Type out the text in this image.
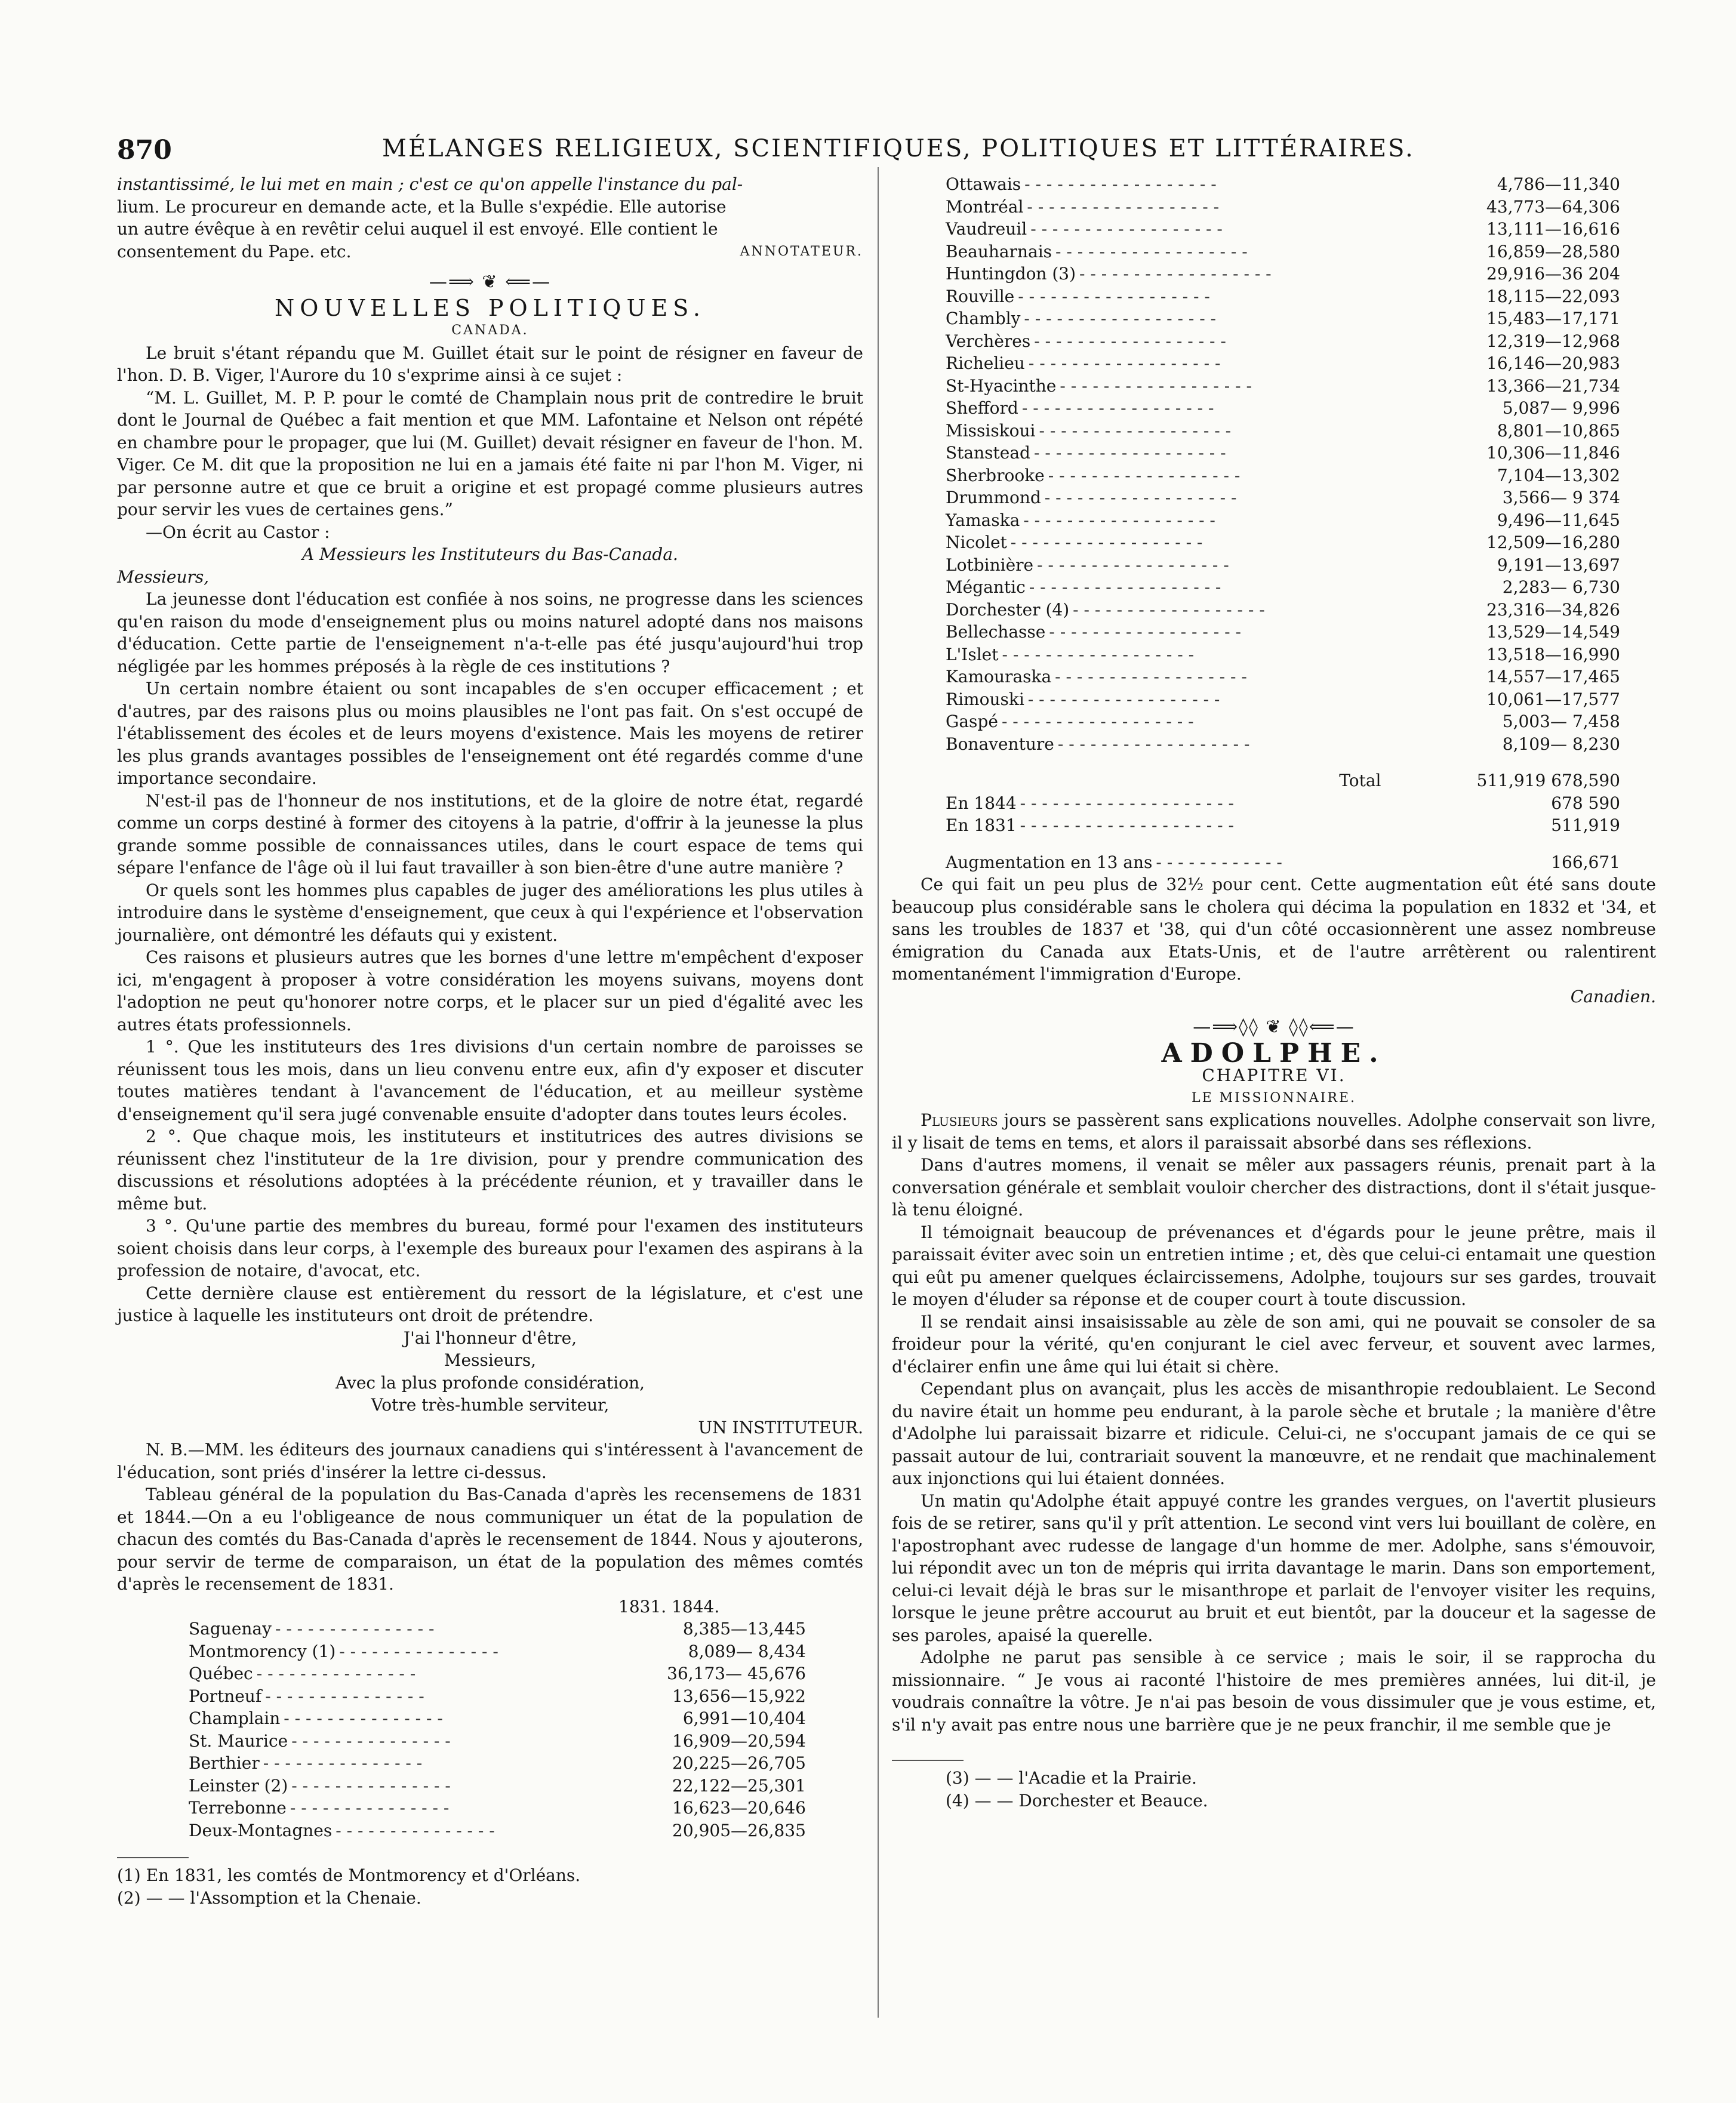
870	MÉLANGES RELIGIEUX, SCIENTIFIQUES, POLITIQUES ET LITTÉRAIRES.

instantissimé, le lui met en main ; c'est ce qu'on appelle l'instance du pal-

lium. Le procureur en demande acte, et la Bulle s'expédie. Elle autorise

un autre évêque à en revêtir celui auquel il est envoyé. Elle contient le

consentement du Pape. etc.	ANNOTATEUR.
—⟹ ❦ ⟸—
NOUVELLES POLITIQUES.
CANADA.

Le bruit s'étant répandu que M. Guillet était sur le point de résigner en faveur de l'hon. D. B. Viger, l'Aurore du 10 s'exprime ainsi à ce sujet :

“M. L. Guillet, M. P. P. pour le comté de Champlain nous prit de contredire le bruit dont le Journal de Québec a fait mention et que MM. Lafontaine et Nelson ont répété en chambre pour le propager, que lui (M. Guillet) devait résigner en faveur de l'hon. M. Viger. Ce M. dit que la proposition ne lui en a jamais été faite ni par l'hon M. Viger, ni par personne autre et que ce bruit a origine et est propagé comme plusieurs autres pour servir les vues de certaines gens.”

—On écrit au Castor :

A Messieurs les Instituteurs du Bas-Canada.

Messieurs,

La jeunesse dont l'éducation est confiée à nos soins, ne progresse dans les sciences qu'en raison du mode d'enseignement plus ou moins naturel adopté dans nos maisons d'éducation. Cette partie de l'enseignement n'a-t-elle pas été jusqu'aujourd'hui trop négligée par les hommes préposés à la règle de ces institutions ?

Un certain nombre étaient ou sont incapables de s'en occuper efficacement ; et d'autres, par des raisons plus ou moins plausibles ne l'ont pas fait. On s'est occupé de l'établissement des écoles et de leurs moyens d'existence. Mais les moyens de retirer les plus grands avantages possibles de l'enseignement ont été regardés comme d'une importance secondaire.

N'est-il pas de l'honneur de nos institutions, et de la gloire de notre état, regardé comme un corps destiné à former des citoyens à la patrie, d'offrir à la jeunesse la plus grande somme possible de connaissances utiles, dans le court espace de tems qui sépare l'enfance de l'âge où il lui faut travailler à son bien-être d'une autre manière ?

Or quels sont les hommes plus capables de juger des améliorations les plus utiles à introduire dans le système d'enseignement, que ceux à qui l'expérience et l'observation journalière, ont démontré les défauts qui y existent.

Ces raisons et plusieurs autres que les bornes d'une lettre m'empêchent d'exposer ici, m'engagent à proposer à votre considération les moyens suivans, moyens dont l'adoption ne peut qu'honorer notre corps, et le placer sur un pied d'égalité avec les autres états professionnels.

1 °. Que les instituteurs des 1res divisions d'un certain nombre de paroisses se réunissent tous les mois, dans un lieu convenu entre eux, afin d'y exposer et discuter toutes matières tendant à l'avancement de l'éducation, et au meilleur système d'enseignement qu'il sera jugé convenable ensuite d'adopter dans toutes leurs écoles.

2 °. Que chaque mois, les instituteurs et institutrices des autres divisions se réunissent chez l'instituteur de la 1re division, pour y prendre communication des discussions et résolutions adoptées à la précédente réunion, et y travailler dans le même but.

3 °. Qu'une partie des membres du bureau, formé pour l'examen des instituteurs soient choisis dans leur corps, à l'exemple des bureaux pour l'examen des aspirans à la profession de notaire, d'avocat, etc.

Cette dernière clause est entièrement du ressort de la législature, et c'est une justice à laquelle les instituteurs ont droit de prétendre.

J'ai l'honneur d'être,
Messieurs,
Avec la plus profonde considération,
Votre très-humble serviteur,
UN INSTITUTEUR.

N. B.—MM. les éditeurs des journaux canadiens qui s'intéressent à l'avancement de l'éducation, sont priés d'insérer la lettre ci-dessus.

Tableau général de la population du Bas-Canada d'après les recensemens de 1831 et 1844.—On a eu l'obligeance de nous communiquer un état de la population de chacun des comtés du Bas-Canada d'après le recensement de 1844. Nous y ajouterons, pour servir de terme de comparaison, un état de la population des mêmes comtés d'après le recensement de 1831.

1831. 1844.
Saguenay - - - - - - - - - - - - - - -	8,385—13,445
Montmorency (1) - - - - - - - - - - - - - - -	8,089— 8,434
Québec - - - - - - - - - - - - - - -	36,173— 45,676
Portneuf - - - - - - - - - - - - - - -	13,656—15,922
Champlain - - - - - - - - - - - - - - -	6,991—10,404
St. Maurice - - - - - - - - - - - - - - -	16,909—20,594
Berthier - - - - - - - - - - - - - - -	20,225—26,705
Leinster (2) - - - - - - - - - - - - - - -	22,122—25,301
Terrebonne - - - - - - - - - - - - - - -	16,623—20,646
Deux-Montagnes - - - - - - - - - - - - - - -	20,905—26,835
(1) En 1831, les comtés de Montmorency et d'Orléans.
(2) — — l'Assomption et la Chenaie.
Ottawais - - - - - - - - - - - - - - - - - -	4,786—11,340
Montréal - - - - - - - - - - - - - - - - - -	43,773—64,306
Vaudreuil - - - - - - - - - - - - - - - - - -	13,111—16,616
Beauharnais - - - - - - - - - - - - - - - - - -	16,859—28,580
Huntingdon (3) - - - - - - - - - - - - - - - - - -	29,916—36 204
Rouville - - - - - - - - - - - - - - - - - -	18,115—22,093
Chambly - - - - - - - - - - - - - - - - - -	15,483—17,171
Verchères - - - - - - - - - - - - - - - - - -	12,319—12,968
Richelieu - - - - - - - - - - - - - - - - - -	16,146—20,983
St-Hyacinthe - - - - - - - - - - - - - - - - - -	13,366—21,734
Shefford - - - - - - - - - - - - - - - - - -	5,087— 9,996
Missiskoui - - - - - - - - - - - - - - - - - -	8,801—10,865
Stanstead - - - - - - - - - - - - - - - - - -	10,306—11,846
Sherbrooke - - - - - - - - - - - - - - - - - -	7,104—13,302
Drummond - - - - - - - - - - - - - - - - - -	3,566— 9 374
Yamaska - - - - - - - - - - - - - - - - - -	9,496—11,645
Nicolet - - - - - - - - - - - - - - - - - -	12,509—16,280
Lotbinière - - - - - - - - - - - - - - - - - -	9,191—13,697
Mégantic - - - - - - - - - - - - - - - - - -	2,283— 6,730
Dorchester (4) - - - - - - - - - - - - - - - - - -	23,316—34,826
Bellechasse - - - - - - - - - - - - - - - - - -	13,529—14,549
L'Islet - - - - - - - - - - - - - - - - - -	13,518—16,990
Kamouraska - - - - - - - - - - - - - - - - - -	14,557—17,465
Rimouski - - - - - - - - - - - - - - - - - -	10,061—17,577
Gaspé - - - - - - - - - - - - - - - - - -	5,003— 7,458
Bonaventure - - - - - - - - - - - - - - - - - -	8,109— 8,230
Total	511,919 678,590
En 1844 - - - - - - - - - - - - - - - - - - - -	678 590
En 1831 - - - - - - - - - - - - - - - - - - - -	511,919
Augmentation en 13 ans - - - - - - - - - - - -	166,671

Ce qui fait un peu plus de 32½ pour cent. Cette augmentation eût été sans doute beaucoup plus considérable sans le cholera qui décima la population en 1832 et '34, et sans les troubles de 1837 et '38, qui d'un côté occasionnèrent une assez nombreuse émigration du Canada aux Etats-Unis, et de l'autre arrêtèrent ou ralentirent momentanément l'immigration d'Europe.

Canadien.

—⟹◊◊ ❦ ◊◊⟸—
ADOLPHE.
CHAPITRE VI.
LE MISSIONNAIRE.

Plusieurs jours se passèrent sans explications nouvelles. Adolphe conservait son livre, il y lisait de tems en tems, et alors il paraissait absorbé dans ses réflexions.

Dans d'autres momens, il venait se mêler aux passagers réunis, prenait part à la conversation générale et semblait vouloir chercher des distractions, dont il s'était jusque-là tenu éloigné.

Il témoignait beaucoup de prévenances et d'égards pour le jeune prêtre, mais il paraissait éviter avec soin un entretien intime ; et, dès que celui-ci entamait une question qui eût pu amener quelques éclaircissemens, Adolphe, toujours sur ses gardes, trouvait le moyen d'éluder sa réponse et de couper court à toute discussion.

Il se rendait ainsi insaisissable au zèle de son ami, qui ne pouvait se consoler de sa froideur pour la vérité, qu'en conjurant le ciel avec ferveur, et souvent avec larmes, d'éclairer enfin une âme qui lui était si chère.

Cependant plus on avançait, plus les accès de misanthropie redoublaient. Le Second du navire était un homme peu endurant, à la parole sèche et brutale ; la manière d'être d'Adolphe lui paraissait bizarre et ridicule. Celui-ci, ne s'occupant jamais de ce qui se passait autour de lui, contrariait souvent la manœuvre, et ne rendait que machinalement aux injonctions qui lui étaient données.

Un matin qu'Adolphe était appuyé contre les grandes vergues, on l'avertit plusieurs fois de se retirer, sans qu'il y prît attention. Le second vint vers lui bouillant de colère, en l'apostrophant avec rudesse de langage d'un homme de mer. Adolphe, sans s'émouvoir, lui répondit avec un ton de mépris qui irrita davantage le marin. Dans son emportement, celui-ci levait déjà le bras sur le misanthrope et parlait de l'envoyer visiter les requins, lorsque le jeune prêtre accourut au bruit et eut bientôt, par la douceur et la sagesse de ses paroles, apaisé la querelle.

Adolphe ne parut pas sensible à ce service ; mais le soir, il se rapprocha du missionnaire. “ Je vous ai raconté l'histoire de mes premières années, lui dit-il, je voudrais connaître la vôtre. Je n'ai pas besoin de vous dissimuler que je vous estime, et, s'il n'y avait pas entre nous une barrière que je ne peux franchir, il me semble que je

(3) — — l'Acadie et la Prairie.
(4) — — Dorchester et Beauce.
